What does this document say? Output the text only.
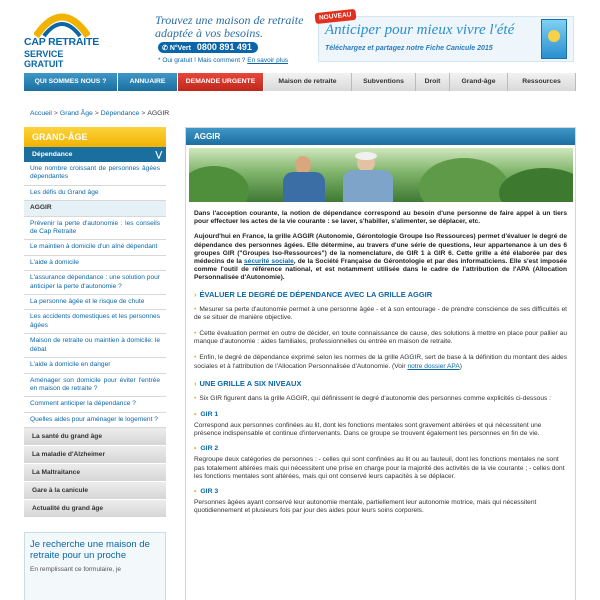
CAP RETRAITE
SERVICE GRATUIT
Trouvez une maison de retraite adaptée à vos besoins.
✆ N°Vert 0800 891 491
* Oui gratuit ! Mais comment ? En savoir plus
NOUVEAU
Anticiper pour mieux vivre l'été
Téléchargez et partagez notre Fiche Canicule 2015
QUI SOMMES NOUS ?	ANNUAIRE	DEMANDE URGENTE	Maison de retraite	Subventions	Droit	Grand-âge	Ressources
Accueil > Grand Âge > Dépendance > AGGIR
GRAND-ÂGE
Dépendance	⋁
Une nombre croissant de personnes âgées dépendantes
Les défis du Grand âge
AGGIR
Prévenir la perte d'autonomie : les conseils de Cap Retraite
Le maintien à domicile d'un aîné dépendant
L'aide à domicile
L'assurance dépendance : une solution pour anticiper la perte d'autonomie ?
La personne âgée et le risque de chute
Les accidents domestiques et les personnes âgées
Maison de retraite ou maintien à domicile: le débat
L'aide à domicile en danger
Aménager son domicile pour éviter l'entrée en maison de retraite ?
Comment anticiper la dépendance ?
Quelles aides pour aménager le logement ?
La santé du grand âge
La maladie d'Alzheimer
La Maltraitance
Gare à la canicule
Actualité du grand âge
Je recherche une maison de retraite pour un proche
En remplissant ce formulaire, je
AGGIR

Dans l'acception courante, la notion de dépendance correspond au besoin d'une personne de faire appel à un tiers pour effectuer les actes de la vie courante : se laver, s'habiller, s'alimenter, se déplacer, etc.

Aujourd'hui en France, la grille AGGIR (Autonomie, Gérontologie Groupe Iso Ressources) permet d'évaluer le degré de dépendance des personnes âgées. Elle détermine, au travers d'une série de questions, leur appartenance à un des 6 groupes GIR ("Groupes Iso-Ressources") de la nomenclature, de GIR 1 à GIR 6. Cette grille a été élaborée par des médecins de la sécurité sociale, de la Société Française de Gérontologie et par des informaticiens. Elle s'est imposée comme l'outil de référence national, et est notamment utilisée dans le cadre de l'attribution de l'APA (Allocation Personnalisée d'Autonomie).

› ÉVALUER LE DEGRÉ DE DÉPENDANCE AVEC LA GRILLE AGGIR

• Mesurer sa perte d'autonomie permet à une personne âgée - et à son entourage - de prendre conscience de ses difficultés et de se situer de manière objective.

• Cette évaluation permet en outre de décider, en toute connaissance de cause, des solutions à mettre en place pour pallier au manque d'autonomie : aides familiales, professionnelles ou entrée en maison de retraite.

• Enfin, le degré de dépendance exprimé selon les normes de la grille AGGIR, sert de base à la définition du montant des aides sociales et à l'attribution de l'Allocation Personnalisée d'Autonomie. (Voir notre dossier APA)

› UNE GRILLE A SIX NIVEAUX

• Six GIR figurent dans la grille AGGIR, qui définissent le degré d'autonomie des personnes comme explicités ci-dessous :

• GIR 1

Correspond aux personnes confinées au lit, dont les fonctions mentales sont gravement altérées et qui nécessitent une présence indispensable et continue d'intervenants. Dans ce groupe se trouvent également les personnes en fin de vie.

• GIR 2

Regroupe deux catégories de personnes : - celles qui sont confinées au lit ou au fauteuil, dont les fonctions mentales ne sont pas totalement altérées mais qui nécessitent une prise en charge pour la majorité des activités de la vie courante ; - celles dont les fonctions mentales sont altérées, mais qui ont conservé leurs capacités à se déplacer.

• GIR 3

Personnes âgées ayant conservé leur autonomie mentale, partiellement leur autonomie motrice, mais qui nécessitent quotidiennement et plusieurs fois par jour des aides pour leurs soins corporels.
